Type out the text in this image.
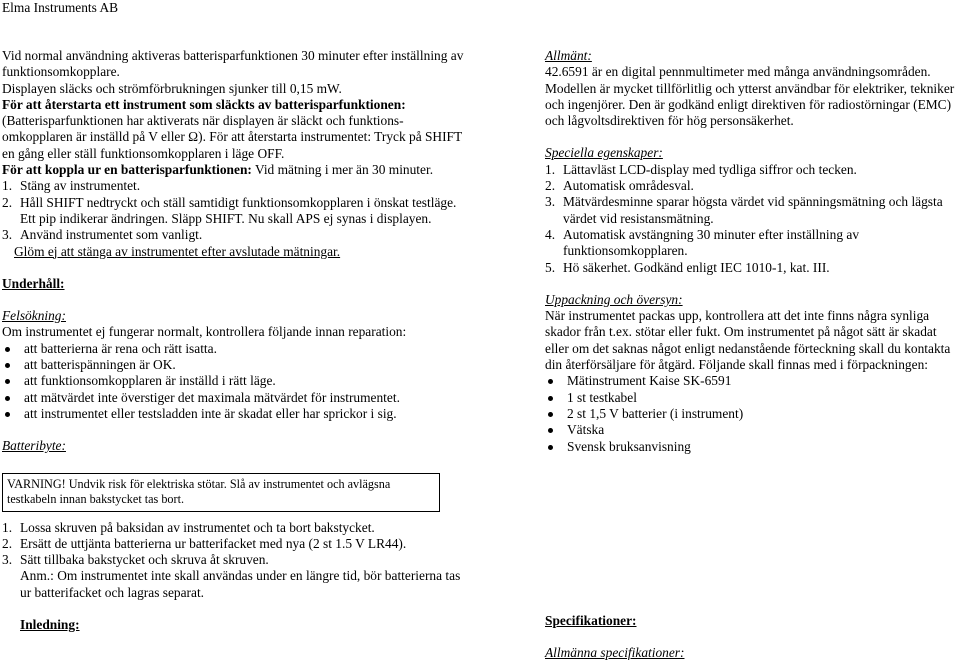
Elma Instruments AB

Vid normal användning aktiveras batterisparfunktionen 30 minuter efter inställning av funktionsomkopplare.

Displayen släcks och strömförbrukningen sjunker till 0,15 mW.

För att återstarta ett instrument som släckts av batterisparfunktionen: (Batterisparfunktionen har aktiverats när displayen är släckt och funktions-omkopplaren är inställd på V eller Ω). För att återstarta instrumentet: Tryck på SHIFT en gång eller ställ funktionsomkopplaren i läge OFF.

För att koppla ur en batterisparfunktionen: Vid mätning i mer än 30 minuter.

1. Stäng av instrumentet.
2. Håll SHIFT nedtryckt och ställ samtidigt funktionsomkopplaren i önskat testläge. Ett pip indikerar ändringen. Släpp SHIFT. Nu skall APS ej synas i displayen.
3. Använd instrumentet som vanligt.

Glöm ej att stänga av instrumentet efter avslutade mätningar.

Underhåll:

Felsökning:

Om instrumentet ej fungerar normalt, kontrollera följande innan reparation:

att batterierna är rena och rätt isatta.
att batterispänningen är OK.
att funktionsomkopplaren är inställd i rätt läge.
att mätvärdet inte överstiger det maximala mätvärdet för instrumentet.
att instrumentet eller testsladden inte är skadat eller har sprickor i sig.

Batteribyte:

VARNING! Undvik risk för elektriska stötar. Slå av instrumentet och avlägsna testkabeln innan bakstycket tas bort.
1. Lossa skruven på baksidan av instrumentet och ta bort bakstycket.
2. Ersätt de uttjänta batterierna ur batterifacket med nya (2 st 1.5 V LR44).
3. Sätt tillbaka bakstycket och skruva åt skruven.

Anm.: Om instrumentet inte skall användas under en längre tid, bör batterierna tas ur batterifacket och lagras separat.

Inledning:

Allmänt:

42.6591 är en digital pennmultimeter med många användningsområden. Modellen är mycket tillförlitlig och ytterst användbar för elektriker, tekniker och ingenjörer. Den är godkänd enligt direktiven för radiostörningar (EMC) och lågvoltsdirektiven för hög personsäkerhet.

Speciella egenskaper:

1. Lättavläst LCD-display med tydliga siffror och tecken.
2. Automatisk områdesval.
3. Mätvärdesminne sparar högsta värdet vid spänningsmätning och lägsta värdet vid resistansmätning.
4. Automatisk avstängning 30 minuter efter inställning av funktionsomkopplaren.
5. Hö säkerhet. Godkänd enligt IEC 1010-1, kat. III.

Uppackning och översyn:

När instrumentet packas upp, kontrollera att det inte finns några synliga skador från t.ex. stötar eller fukt. Om instrumentet på något sätt är skadat eller om det saknas något enligt nedanstående förteckning skall du kontakta din återförsäljare för åtgärd. Följande skall finnas med i förpackningen:

Mätinstrument Kaise SK-6591
1 st testkabel
2 st 1,5 V batterier (i instrument)
Vätska
Svensk bruksanvisning
Specifikationer:
Allmänna specifikationer:
